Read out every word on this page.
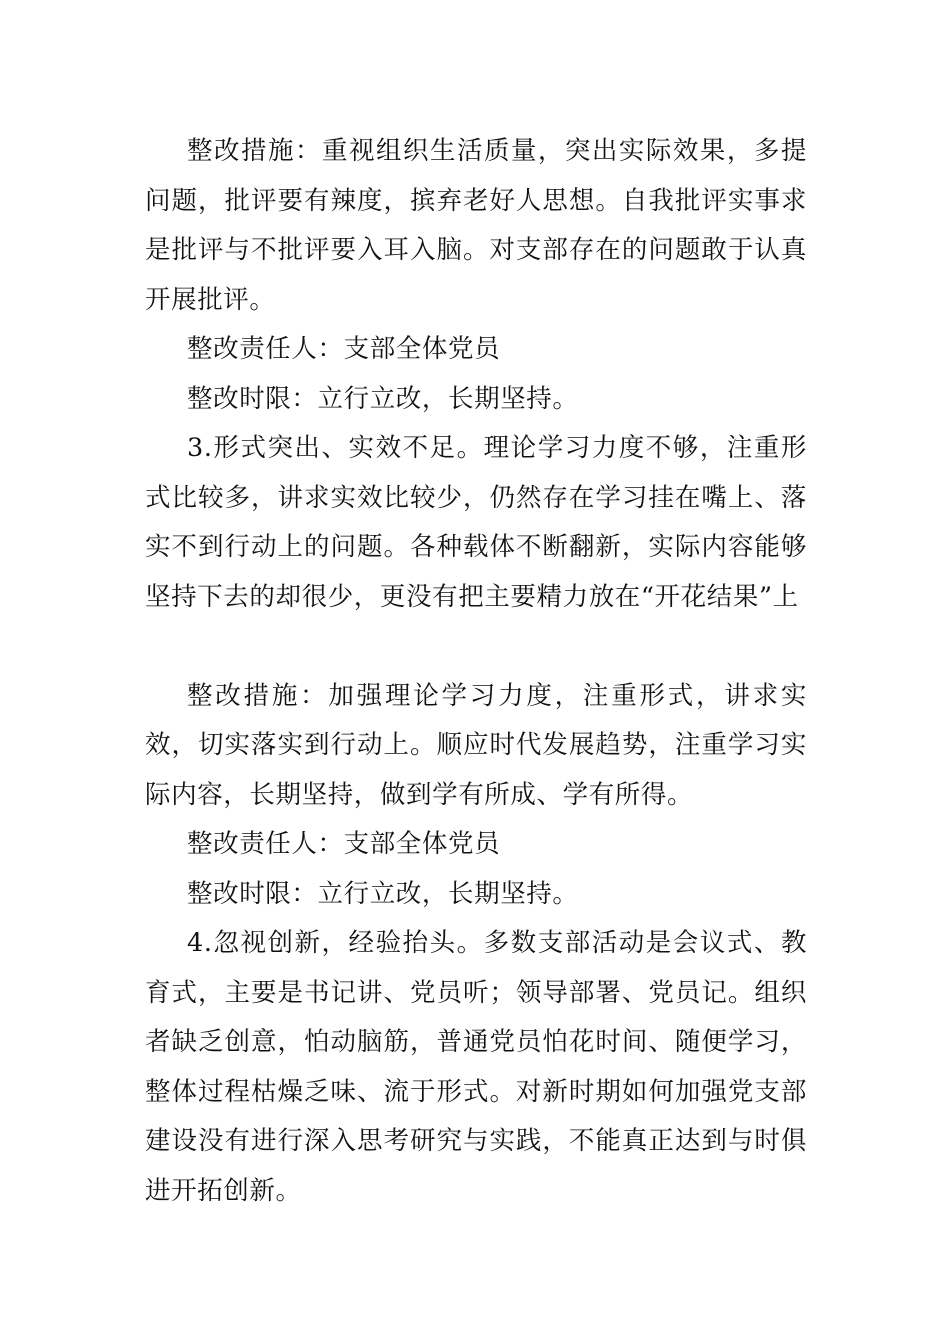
整改措施：重视组织生活质量，突出实际效果，多提问题，批评要有辣度，摈弃老好人思想。自我批评实事求是批评与不批评要入耳入脑。对支部存在的问题敢于认真开展批评。

整改责任人：支部全体党员

整改时限：立行立改，长期坚持。

3.形式突出、实效不足。理论学习力度不够，注重形式比较多，讲求实效比较少，仍然存在学习挂在嘴上、落实不到行动上的问题。各种载体不断翻新，实际内容能够坚持下去的却很少，更没有把主要精力放在“开花结果”上

整改措施：加强理论学习力度，注重形式，讲求实效，切实落实到行动上。顺应时代发展趋势，注重学习实际内容，长期坚持，做到学有所成、学有所得。

整改责任人：支部全体党员

整改时限：立行立改，长期坚持。

4.忽视创新，经验抬头。多数支部活动是会议式、教育式，主要是书记讲、党员听；领导部署、党员记。组织者缺乏创意，怕动脑筋，普通党员怕花时间、随便学习，整体过程枯燥乏味、流于形式。对新时期如何加强党支部建设没有进行深入思考研究与实践，不能真正达到与时俱进开拓创新。
